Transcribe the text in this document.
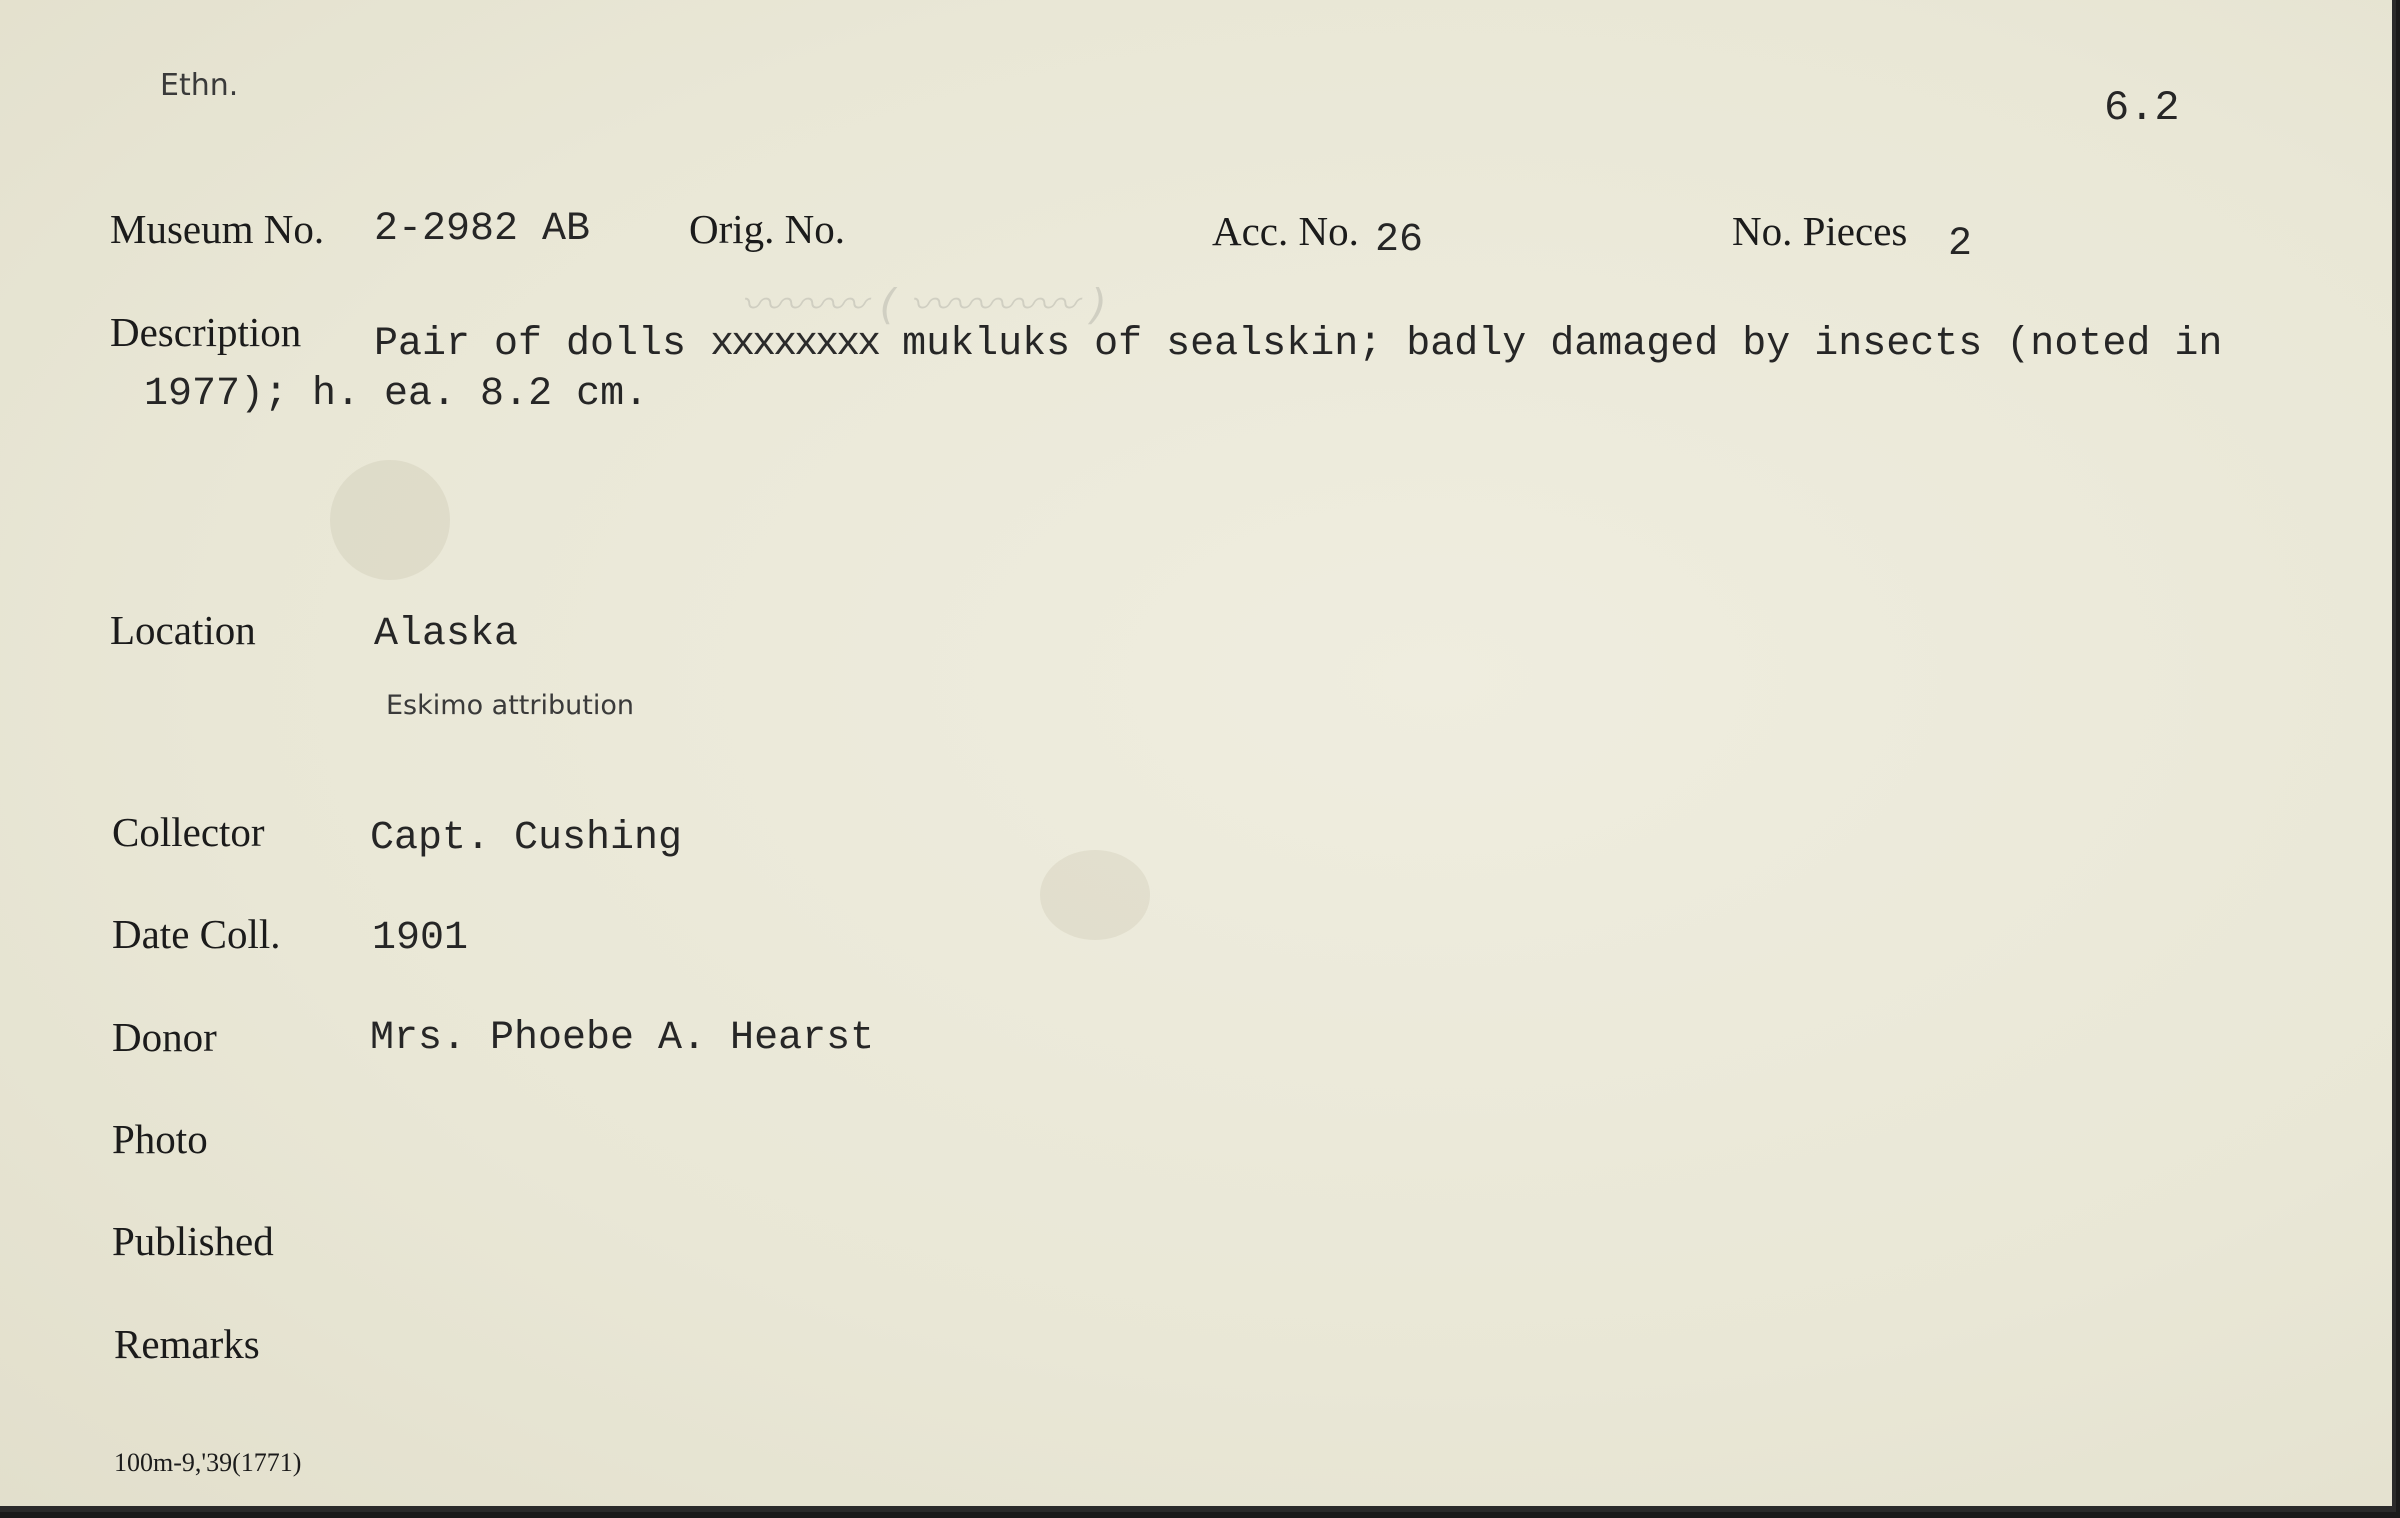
〰〰〰 ( 〰〰〰〰 )
Ethn.	6.2
Museum No. 2-2982 AB Orig. No.	Acc. No. 26	No. Pieces 2
Description Pair of dolls xxxxxxxx mukluks of sealskin; badly damaged by insects (noted in
1977); h. ea. 8.2 cm.
Location	Alaska
Eskimo attribution
Collector	Capt. Cushing
Date Coll. 1901
Donor	Mrs. Phoebe A. Hearst
Photo
Published
Remarks
100m-9,'39(1771)
